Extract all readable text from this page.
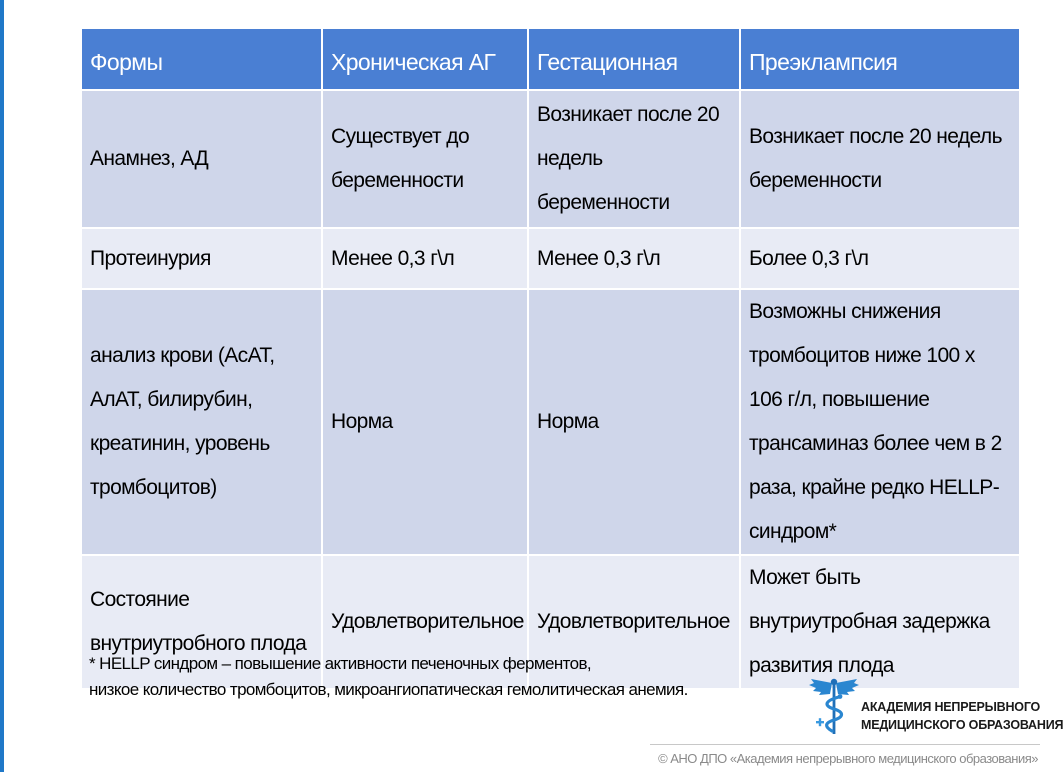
Формы	Хроническая АГ	Гестационная	Преэклампсия
Анамнез, АД	Существует до беременности	Возникает после 20 недель беременности	Возникает после 20 недель беременности
Протеинурия	Менее 0,3 г\л	Менее 0,3 г\л	Более 0,3 г\л
анализ крови (АсАТ, АлАТ, билирубин, креатинин, уровень тромбоцитов)	Норма	Норма	Возможны снижения тромбоцитов ниже 100 х 106 г/л, повышение трансаминаз более чем в 2 раза, крайне редко HELLP-синдром*
Состояние внутриутробного плода	Удовлетворительное	Удовлетворительное	Может быть внутриутробная задержка развития плода
* HELLP синдром – повышение активности печеночных ферментов,
низкое количество тромбоцитов, микроангиопатическая гемолитическая анемия.
АКАДЕМИЯ НЕПРЕРЫВНОГО
МЕДИЦИНСКОГО ОБРАЗОВАНИЯ
© АНО ДПО «Академия непрерывного медицинского образования»
